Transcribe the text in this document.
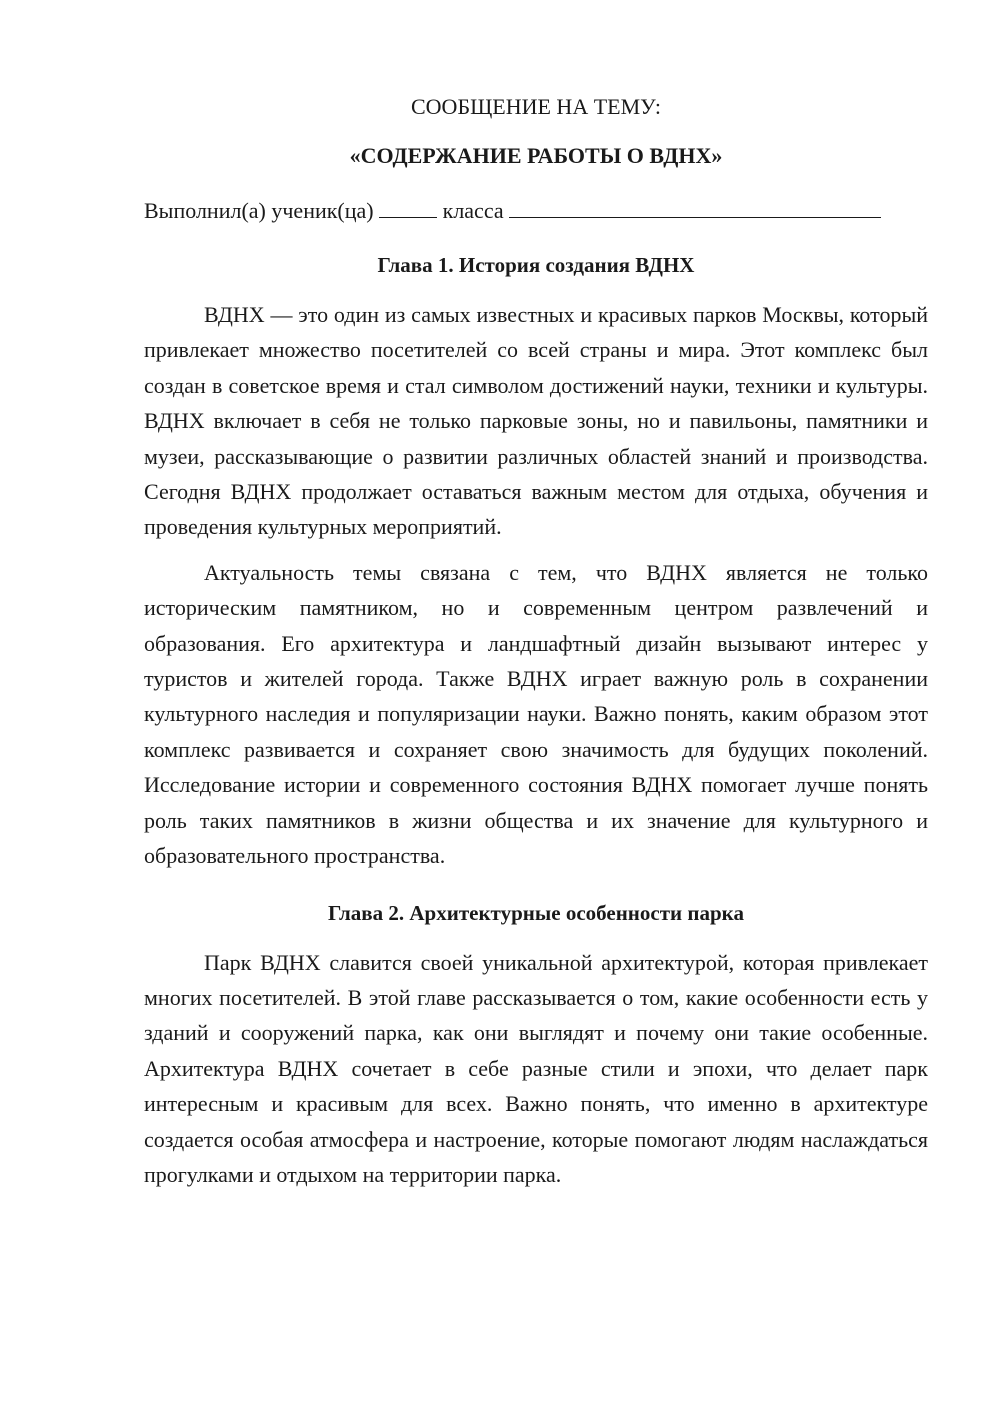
СООБЩЕНИЕ НА ТЕМУ:

«СОДЕРЖАНИЕ РАБОТЫ О ВДНХ»

Выполнил(а) ученик(ца)	класса
Глава 1. История создания ВДНХ

ВДНХ — это один из самых известных и красивых парков Москвы, который привлекает множество посетителей со всей страны и мира. Этот комплекс был создан в советское время и стал символом достижений науки, техники и культуры. ВДНХ включает в себя не только парковые зоны, но и павильоны, памятники и музеи, рассказывающие о развитии различных областей знаний и производства. Сегодня ВДНХ продолжает оставаться важным местом для отдыха, обучения и проведения культурных мероприятий.

Актуальность темы связана с тем, что ВДНХ является не только историческим памятником, но и современным центром развлечений и образования. Его архитектура и ландшафтный дизайн вызывают интерес у туристов и жителей города. Также ВДНХ играет важную роль в сохранении культурного наследия и популяризации науки. Важно понять, каким образом этот комплекс развивается и сохраняет свою значимость для будущих поколений. Исследование истории и современного состояния ВДНХ помогает лучше понять роль таких памятников в жизни общества и их значение для культурного и образовательного пространства.

Глава 2. Архитектурные особенности парка

Парк ВДНХ славится своей уникальной архитектурой, которая привлекает многих посетителей. В этой главе рассказывается о том, какие особенности есть у зданий и сооружений парка, как они выглядят и почему они такие особенные. Архитектура ВДНХ сочетает в себе разные стили и эпохи, что делает парк интересным и красивым для всех. Важно понять, что именно в архитектуре создается особая атмосфера и настроение, которые помогают людям наслаждаться прогулками и отдыхом на территории парка.
